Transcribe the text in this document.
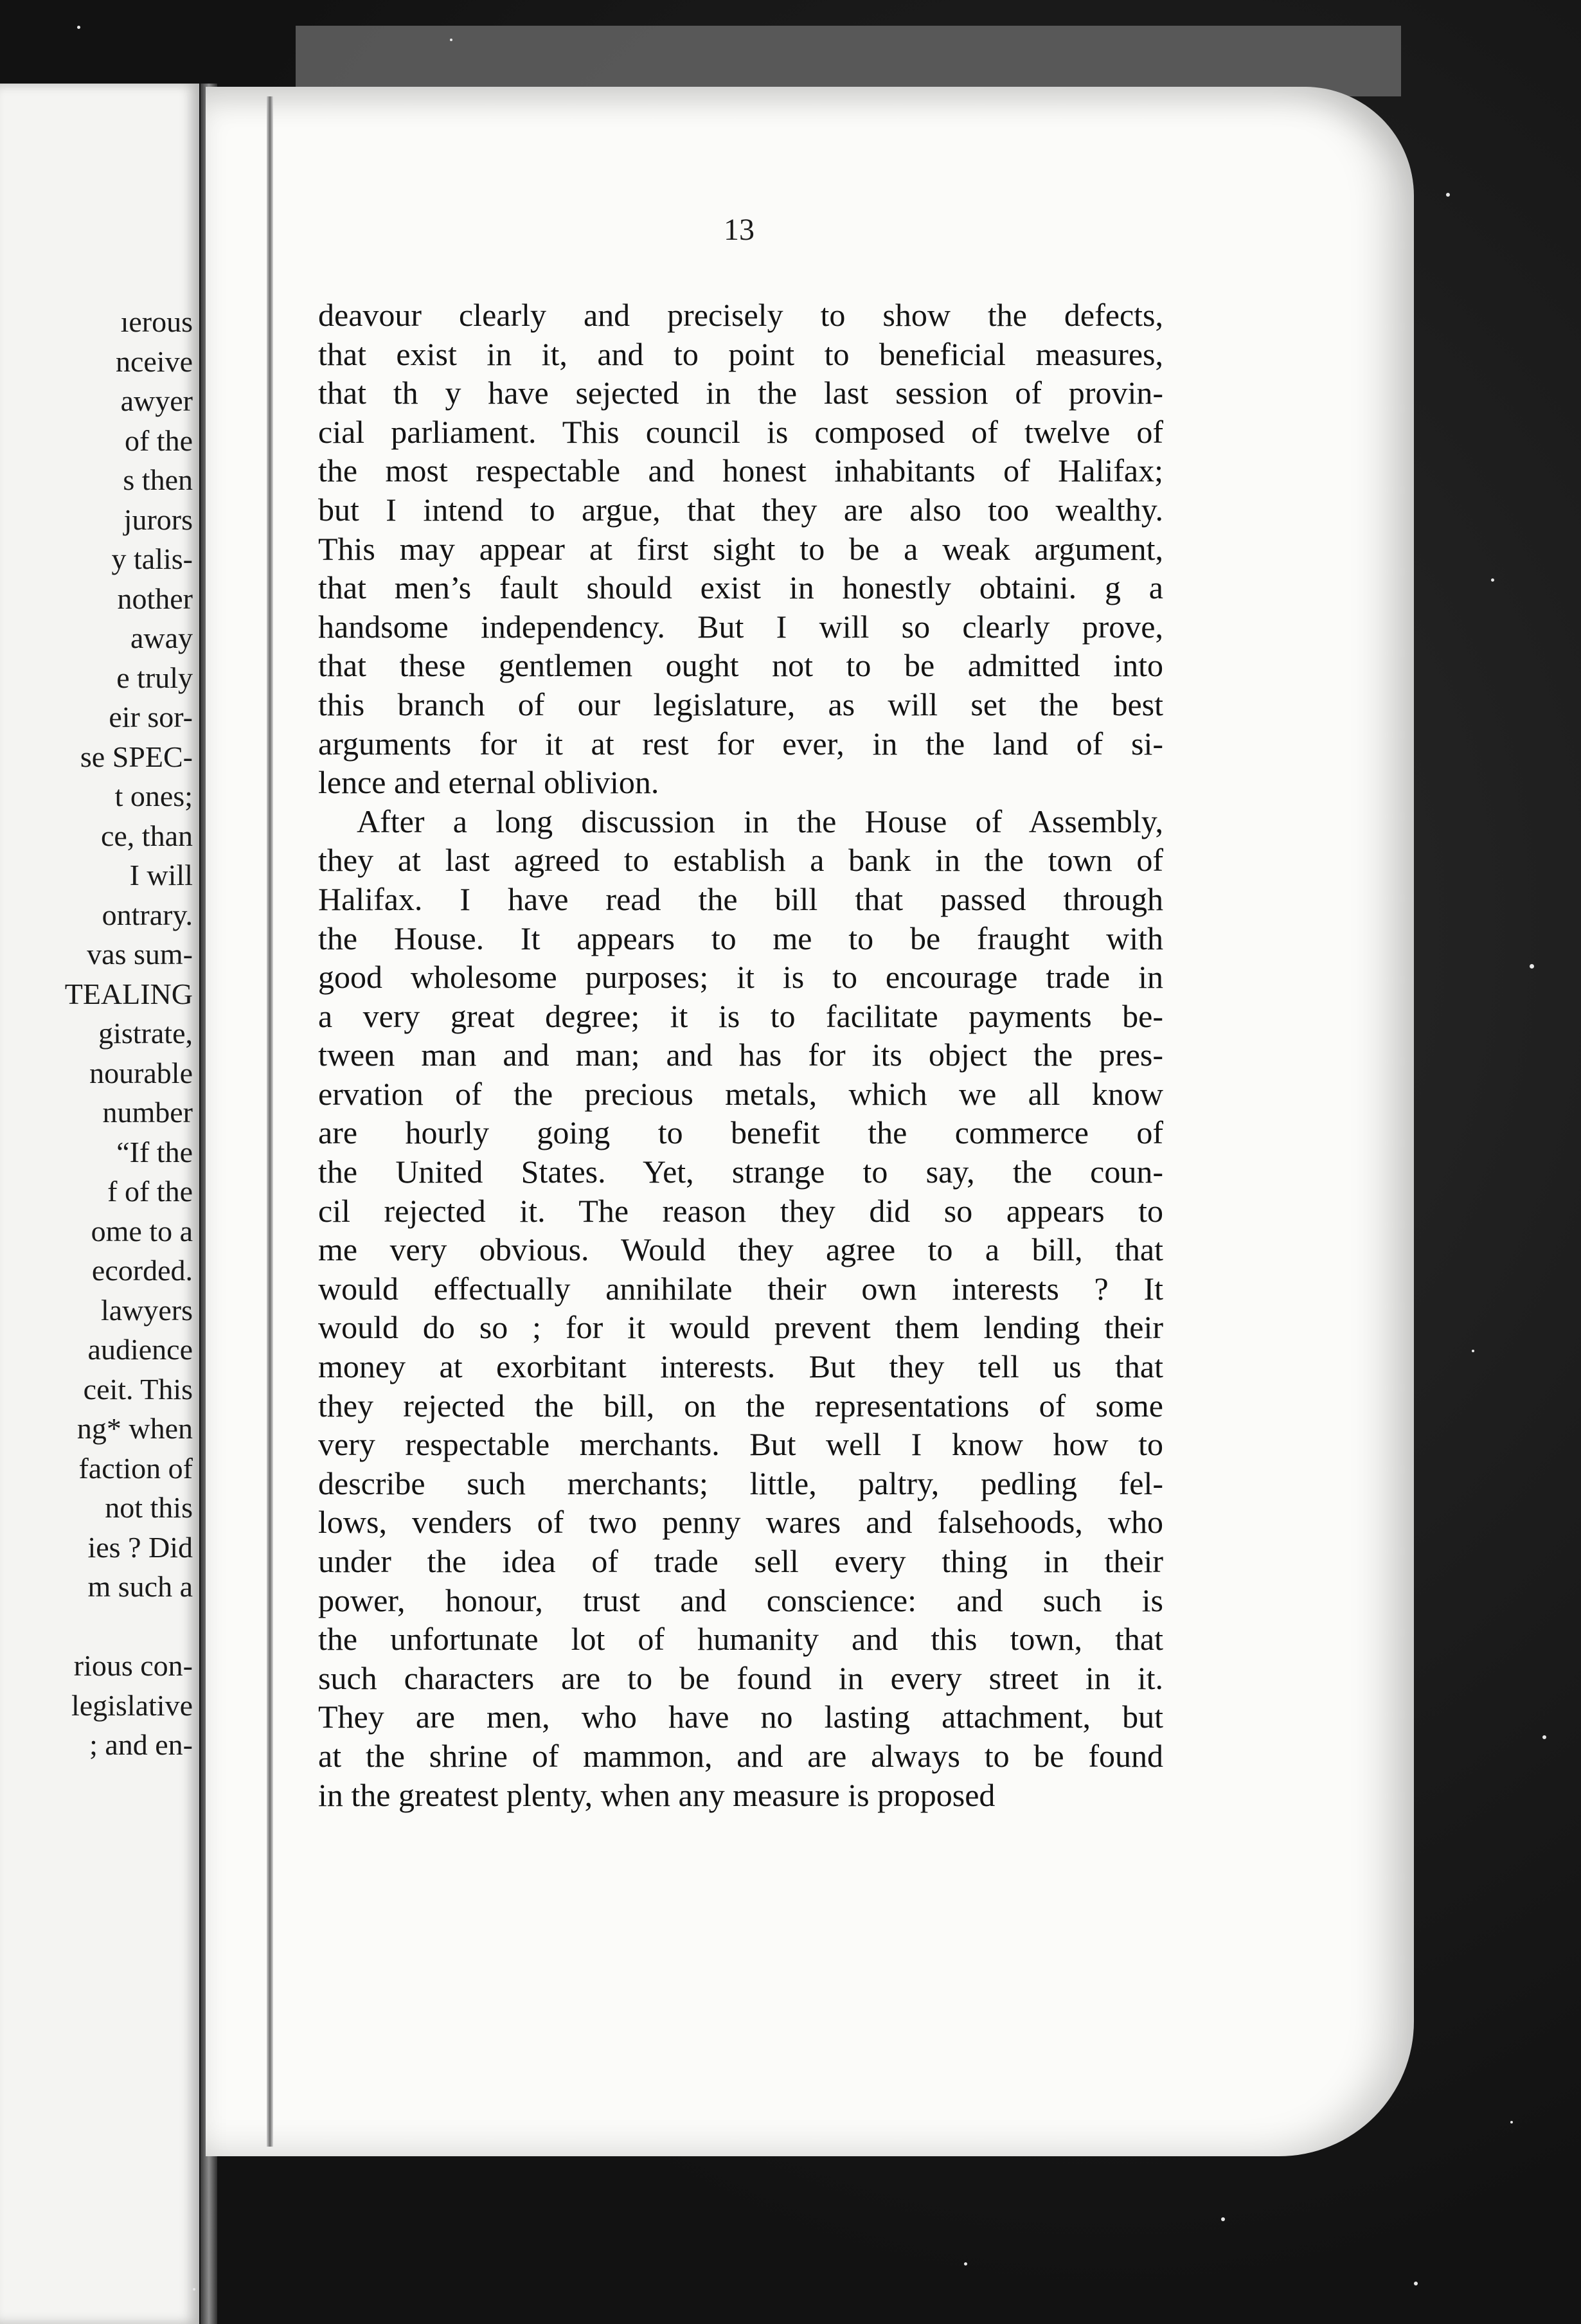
ıerous
nceive
awyer
of the
s then
jurors
y talis-
nother
away
e truly
eir sor-
se SPEC-
t ones;
ce, than
I will
ontrary.
vas sum-
TEALING
gistrate,
nourable
number
“If the
f of the
ome to a
ecorded.
lawyers
audience
ceit. This
ng* when
faction of
not this
ies ? Did
m such a
rious con-
legislative
; and en-
13
deavour clearly and precisely to show the defects,
that exist in it, and to point to beneficial measures,
that th y have sejected in the last session of provin-
cial parliament. This council is composed of twelve of
the most respectable and honest inhabitants of Halifax;
but I intend to argue, that they are also too wealthy.
This may appear at first sight to be a weak argument,
that men’s fault should exist in honestly obtaini. g a
handsome independency. But I will so clearly prove,
that these gentlemen ought not to be admitted into
this branch of our legislature, as will set the best
arguments for it at rest for ever, in the land of si-
lence and eternal oblivion.
After a long discussion in the House of Assembly,
they at last agreed to establish a bank in the town of
Halifax. I have read the bill that passed through
the House. It appears to me to be fraught with
good wholesome purposes; it is to encourage trade in
a very great degree; it is to facilitate payments be-
tween man and man; and has for its object the pres-
ervation of the precious metals, which we all know
are hourly going to benefit the commerce of
the United States. Yet, strange to say, the coun-
cil rejected it. The reason they did so appears to
me very obvious. Would they agree to a bill, that
would effectually annihilate their own interests ? It
would do so ; for it would prevent them lending their
money at exorbitant interests. But they tell us that
they rejected the bill, on the representations of some
very respectable merchants. But well I know how to
describe such merchants; little, paltry, pedling fel-
lows, venders of two penny wares and falsehoods, who
under the idea of trade sell every thing in their
power, honour, trust and conscience: and such is
the unfortunate lot of humanity and this town, that
such characters are to be found in every street in it.
They are men, who have no lasting attachment, but
at the shrine of mammon, and are always to be found
in the greatest plenty, when any measure is proposed
